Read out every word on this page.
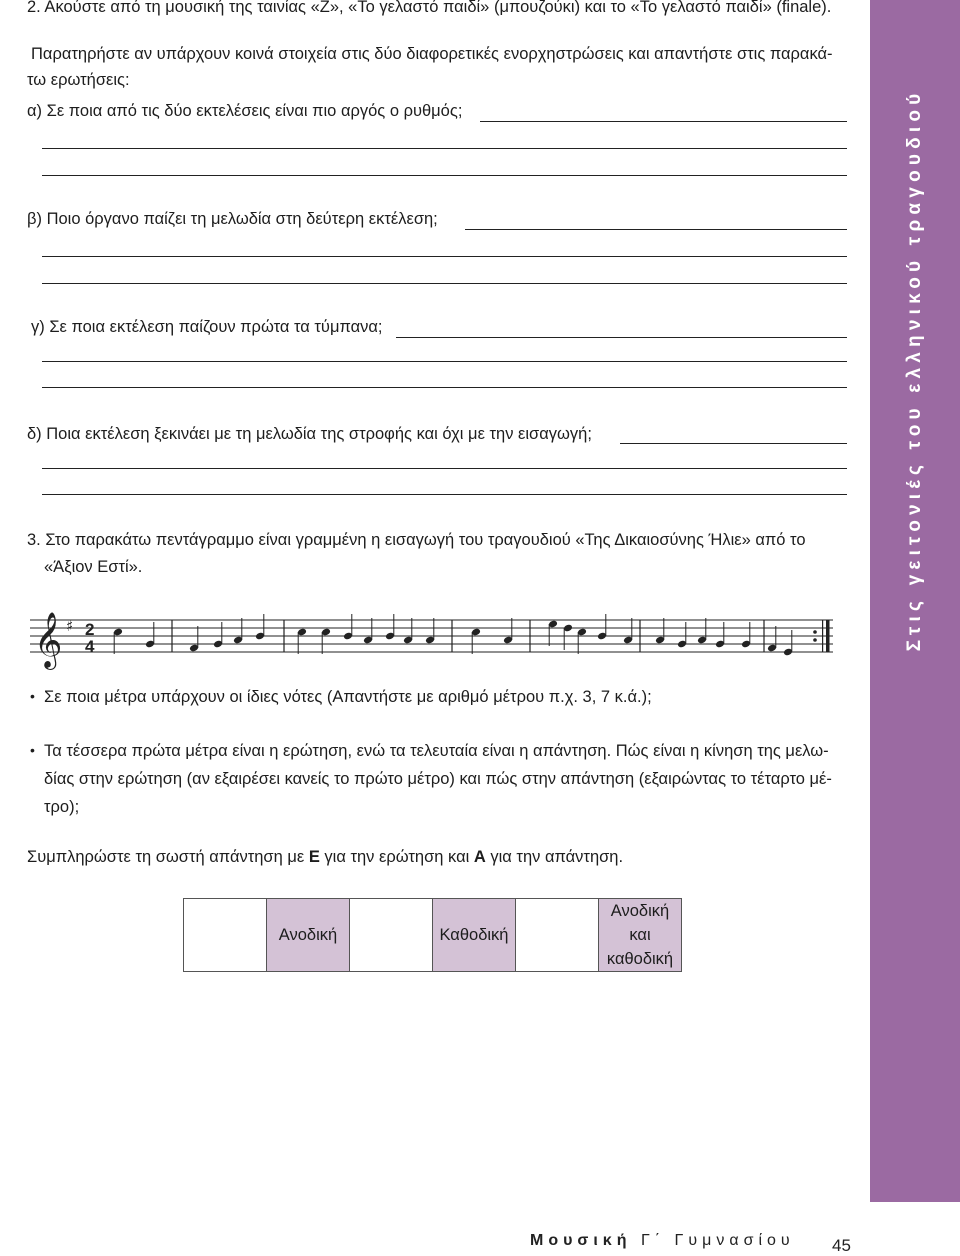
2. Ακούστε από τη μουσική της ταινίας «Ζ», «Το γελαστό παιδί» (μπουζούκι) και το «Το γελαστό παιδί» (finale).
Παρατηρήστε αν υπάρχουν κοινά στοιχεία στις δύο διαφορετικές ενορχηστρώσεις και απαντήστε στις παρακά-
τω ερωτήσεις:
α) Σε ποια από τις δύο εκτελέσεις είναι πιο αργός ο ρυθμός;
β) Ποιο όργανο παίζει τη μελωδία στη δεύτερη εκτέλεση;
γ) Σε ποια εκτέλεση παίζουν πρώτα τα τύμπανα;
δ) Ποια εκτέλεση ξεκινάει με τη μελωδία της στροφής και όχι με την εισαγωγή;
3. Στο παρακάτω πεντάγραμμο είναι γραμμένη η εισαγωγή του τραγουδιού «Της Δικαιοσύνης Ήλιε» από το
«Άξιον Εστί».
𝄞 ♯ 2
4
• Σε ποια μέτρα υπάρχουν οι ίδιες νότες (Απαντήστε με αριθμό μέτρου π.χ. 3, 7 κ.ά.);
• Τα τέσσερα πρώτα μέτρα είναι η ερώτηση, ενώ τα τελευταία είναι η απάντηση. Πώς είναι η κίνηση της μελω-
δίας στην ερώτηση (αν εξαιρέσει κανείς το πρώτο μέτρο) και πώς στην απάντηση (εξαιρώντας το τέταρτο μέ-
τρο);
Συμπληρώστε τη σωστή απάντηση με Ε για την ερώτηση και Α για την απάντηση.
	Ανοδική		Καθοδική		Ανοδική και καθοδική
Στις γειτονιές του ελληνικού τραγουδιού
Μουσική Γ΄ Γυμνασίου 45
